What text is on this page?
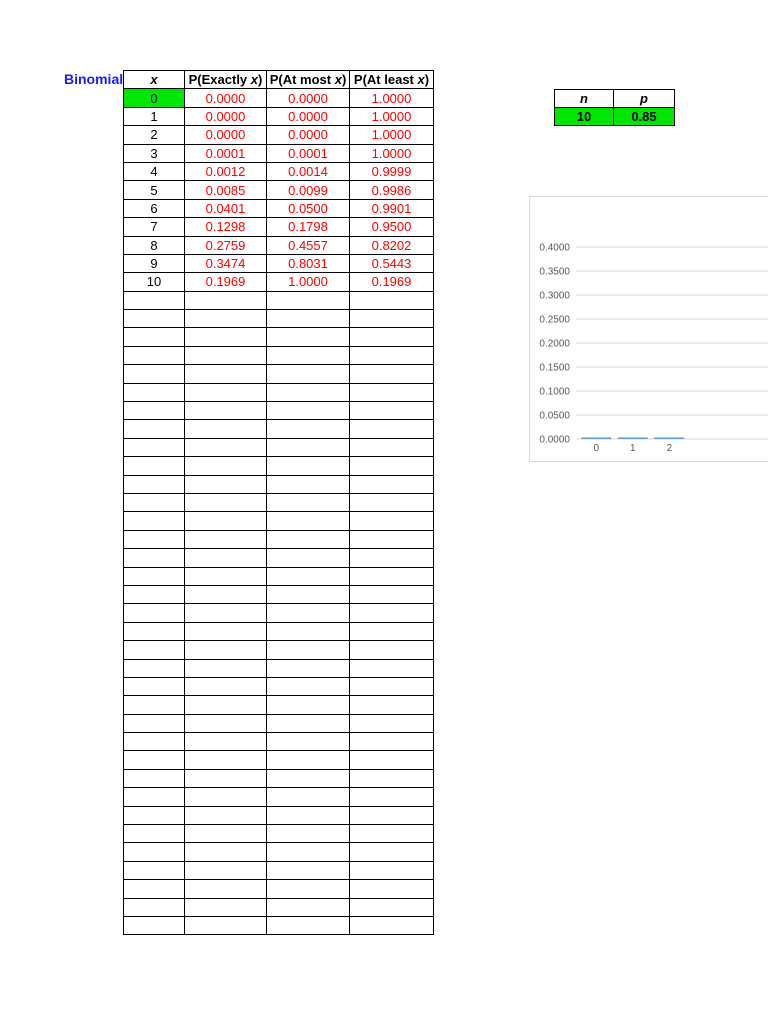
Binomial x	P(Exactly x)	P(At most x)	P(At least x)
0	0.0000	0.0000	1.0000
1	0.0000	0.0000	1.0000
2	0.0000	0.0000	1.0000
3	0.0001	0.0001	1.0000
4	0.0012	0.0014	0.9999
5	0.0085	0.0099	0.9986
6	0.0401	0.0500	0.9901
7	0.1298	0.1798	0.9500
8	0.2759	0.4557	0.8202
9	0.3474	0.8031	0.5443
10	0.1969	1.0000	0.1969

n	p
10	0.85
0.0000
0.0500
0.1000
0.1500
0.2000
0.2500
0.3000
0.3500
0.4000
0	1	2
